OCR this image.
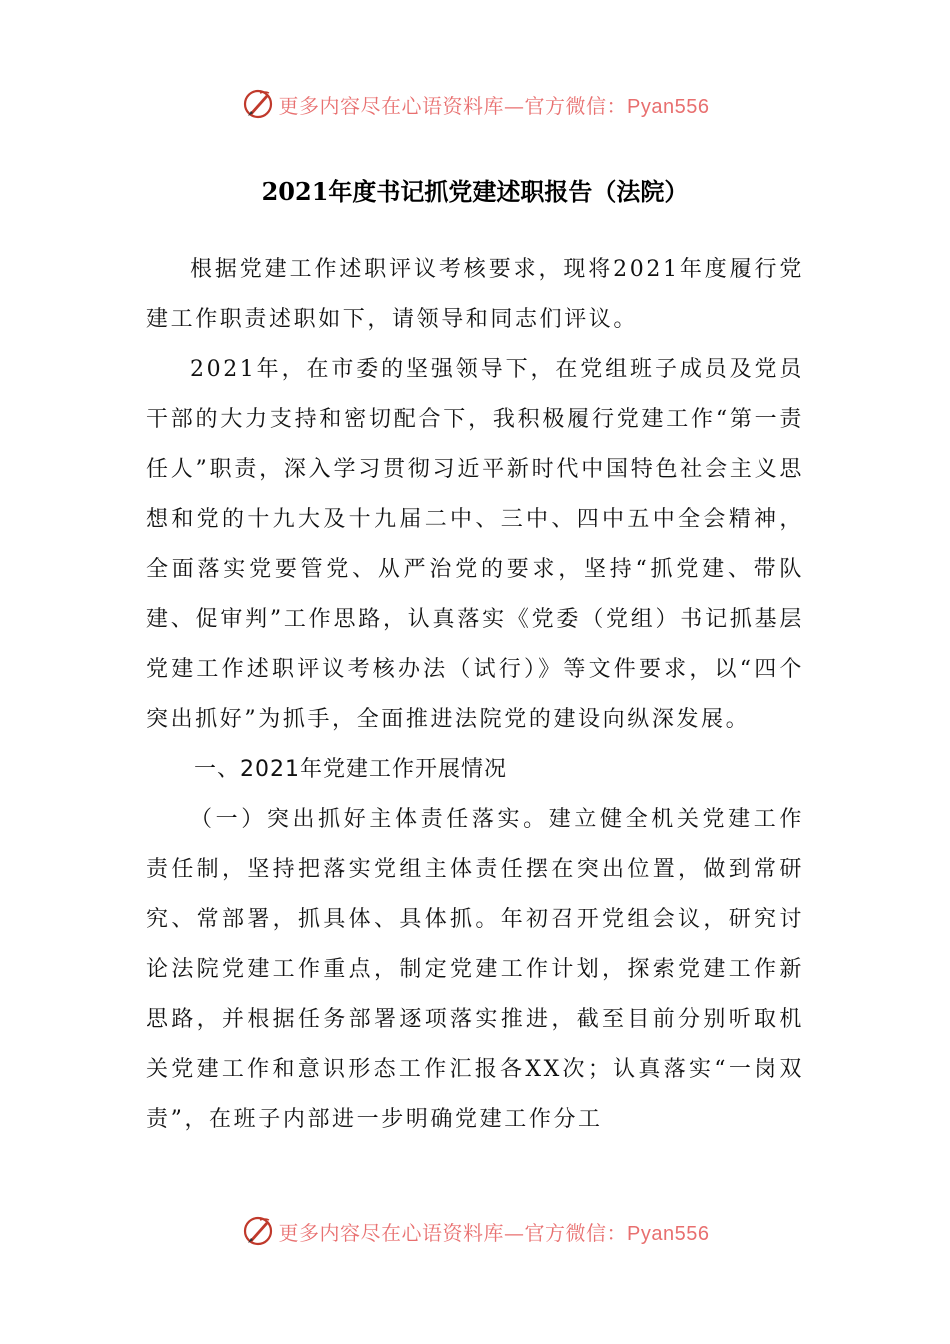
更多内容尽在心语资料库—官方微信：Pyan556
2021年度书记抓党建述职报告（法院）

根据党建工作述职评议考核要求，现将2021年度履行党建工作职责述职如下，请领导和同志们评议。

2021年，在市委的坚强领导下，在党组班子成员及党员干部的大力支持和密切配合下，我积极履行党建工作“第一责任人”职责，深入学习贯彻习近平新时代中国特色社会主义思想和党的十九大及十九届二中、三中、四中五中全会精神，全面落实党要管党、从严治党的要求，坚持“抓党建、带队建、促审判”工作思路，认真落实《党委（党组）书记抓基层党建工作述职评议考核办法（试行）》等文件要求，以“四个突出抓好”为抓手，全面推进法院党的建设向纵深发展。

一、2021年党建工作开展情况

（一）突出抓好主体责任落实。建立健全机关党建工作责任制，坚持把落实党组主体责任摆在突出位置，做到常研究、常部署，抓具体、具体抓。年初召开党组会议，研究讨论法院党建工作重点，制定党建工作计划，探索党建工作新思路，并根据任务部署逐项落实推进，截至目前分别听取机关党建工作和意识形态工作汇报各XX次；认真落实“一岗双责”，在班子内部进一步明确党建工作分工

更多内容尽在心语资料库—官方微信：Pyan556
